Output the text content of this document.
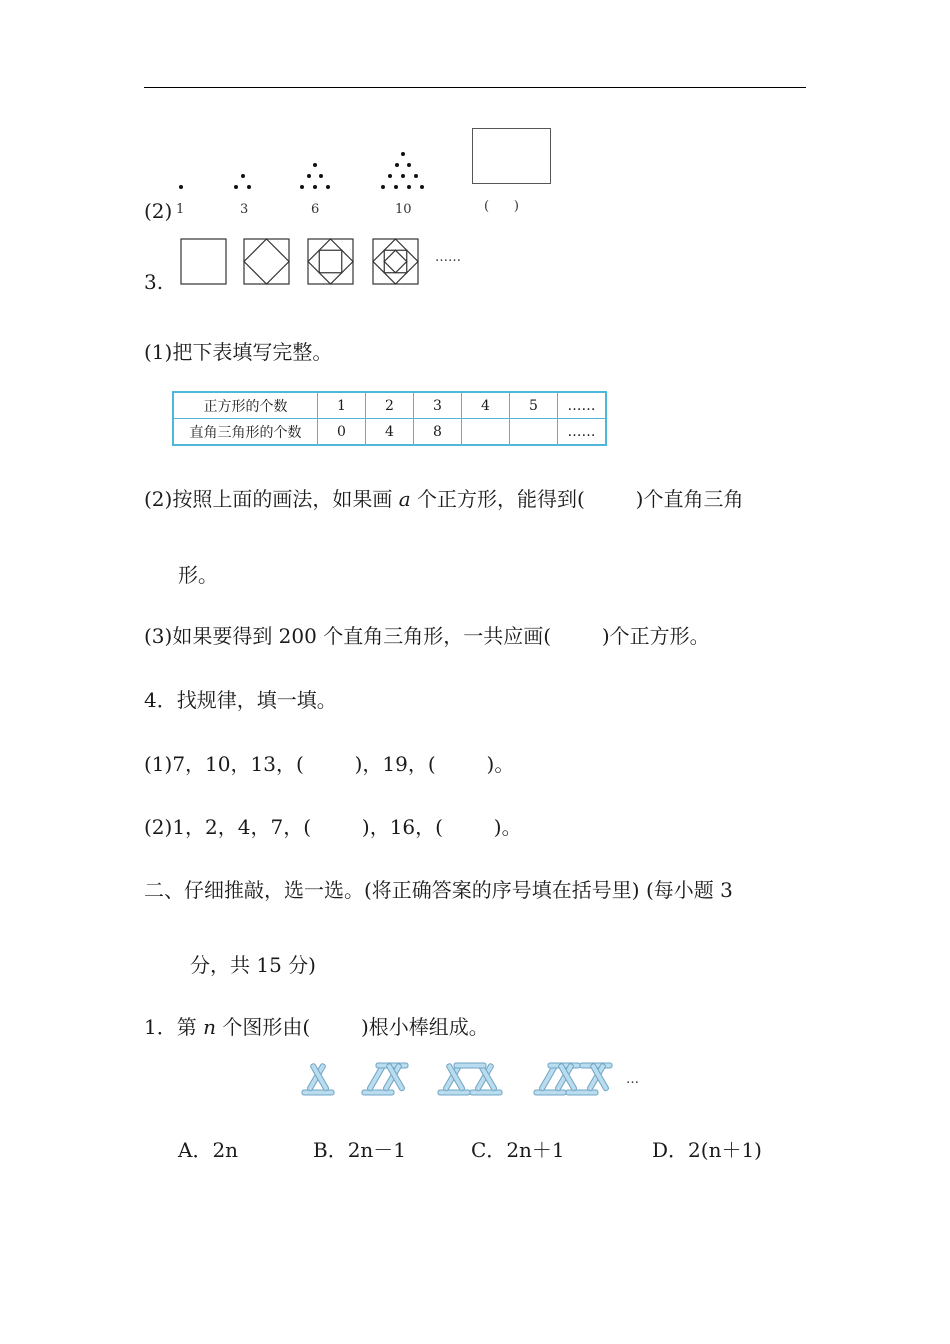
(2) 1	3	6	10	(      )
3.
……
(1)把下表填写完整。
正方形的个数	1	2	3	4	5	……
直角三角形的个数	0	4	8			……
(2)按照上面的画法，如果画 a 个正方形，能得到(        )个直角三角
形。
(3)如果要得到 200 个直角三角形，一共应画(        )个正方形。
4．找规律，填一填。
(1)7，10，13，(        )，19，(        )。
(2)1，2，4，7，(        )，16，(        )。
二、仔细推敲，选一选。(将正确答案的序号填在括号里) (每小题 3
分，共 15 分)
1．第 n 个图形由(        )根小棒组成。
…
A．2n	B．2n－1	C．2n＋1	D．2(n＋1)
